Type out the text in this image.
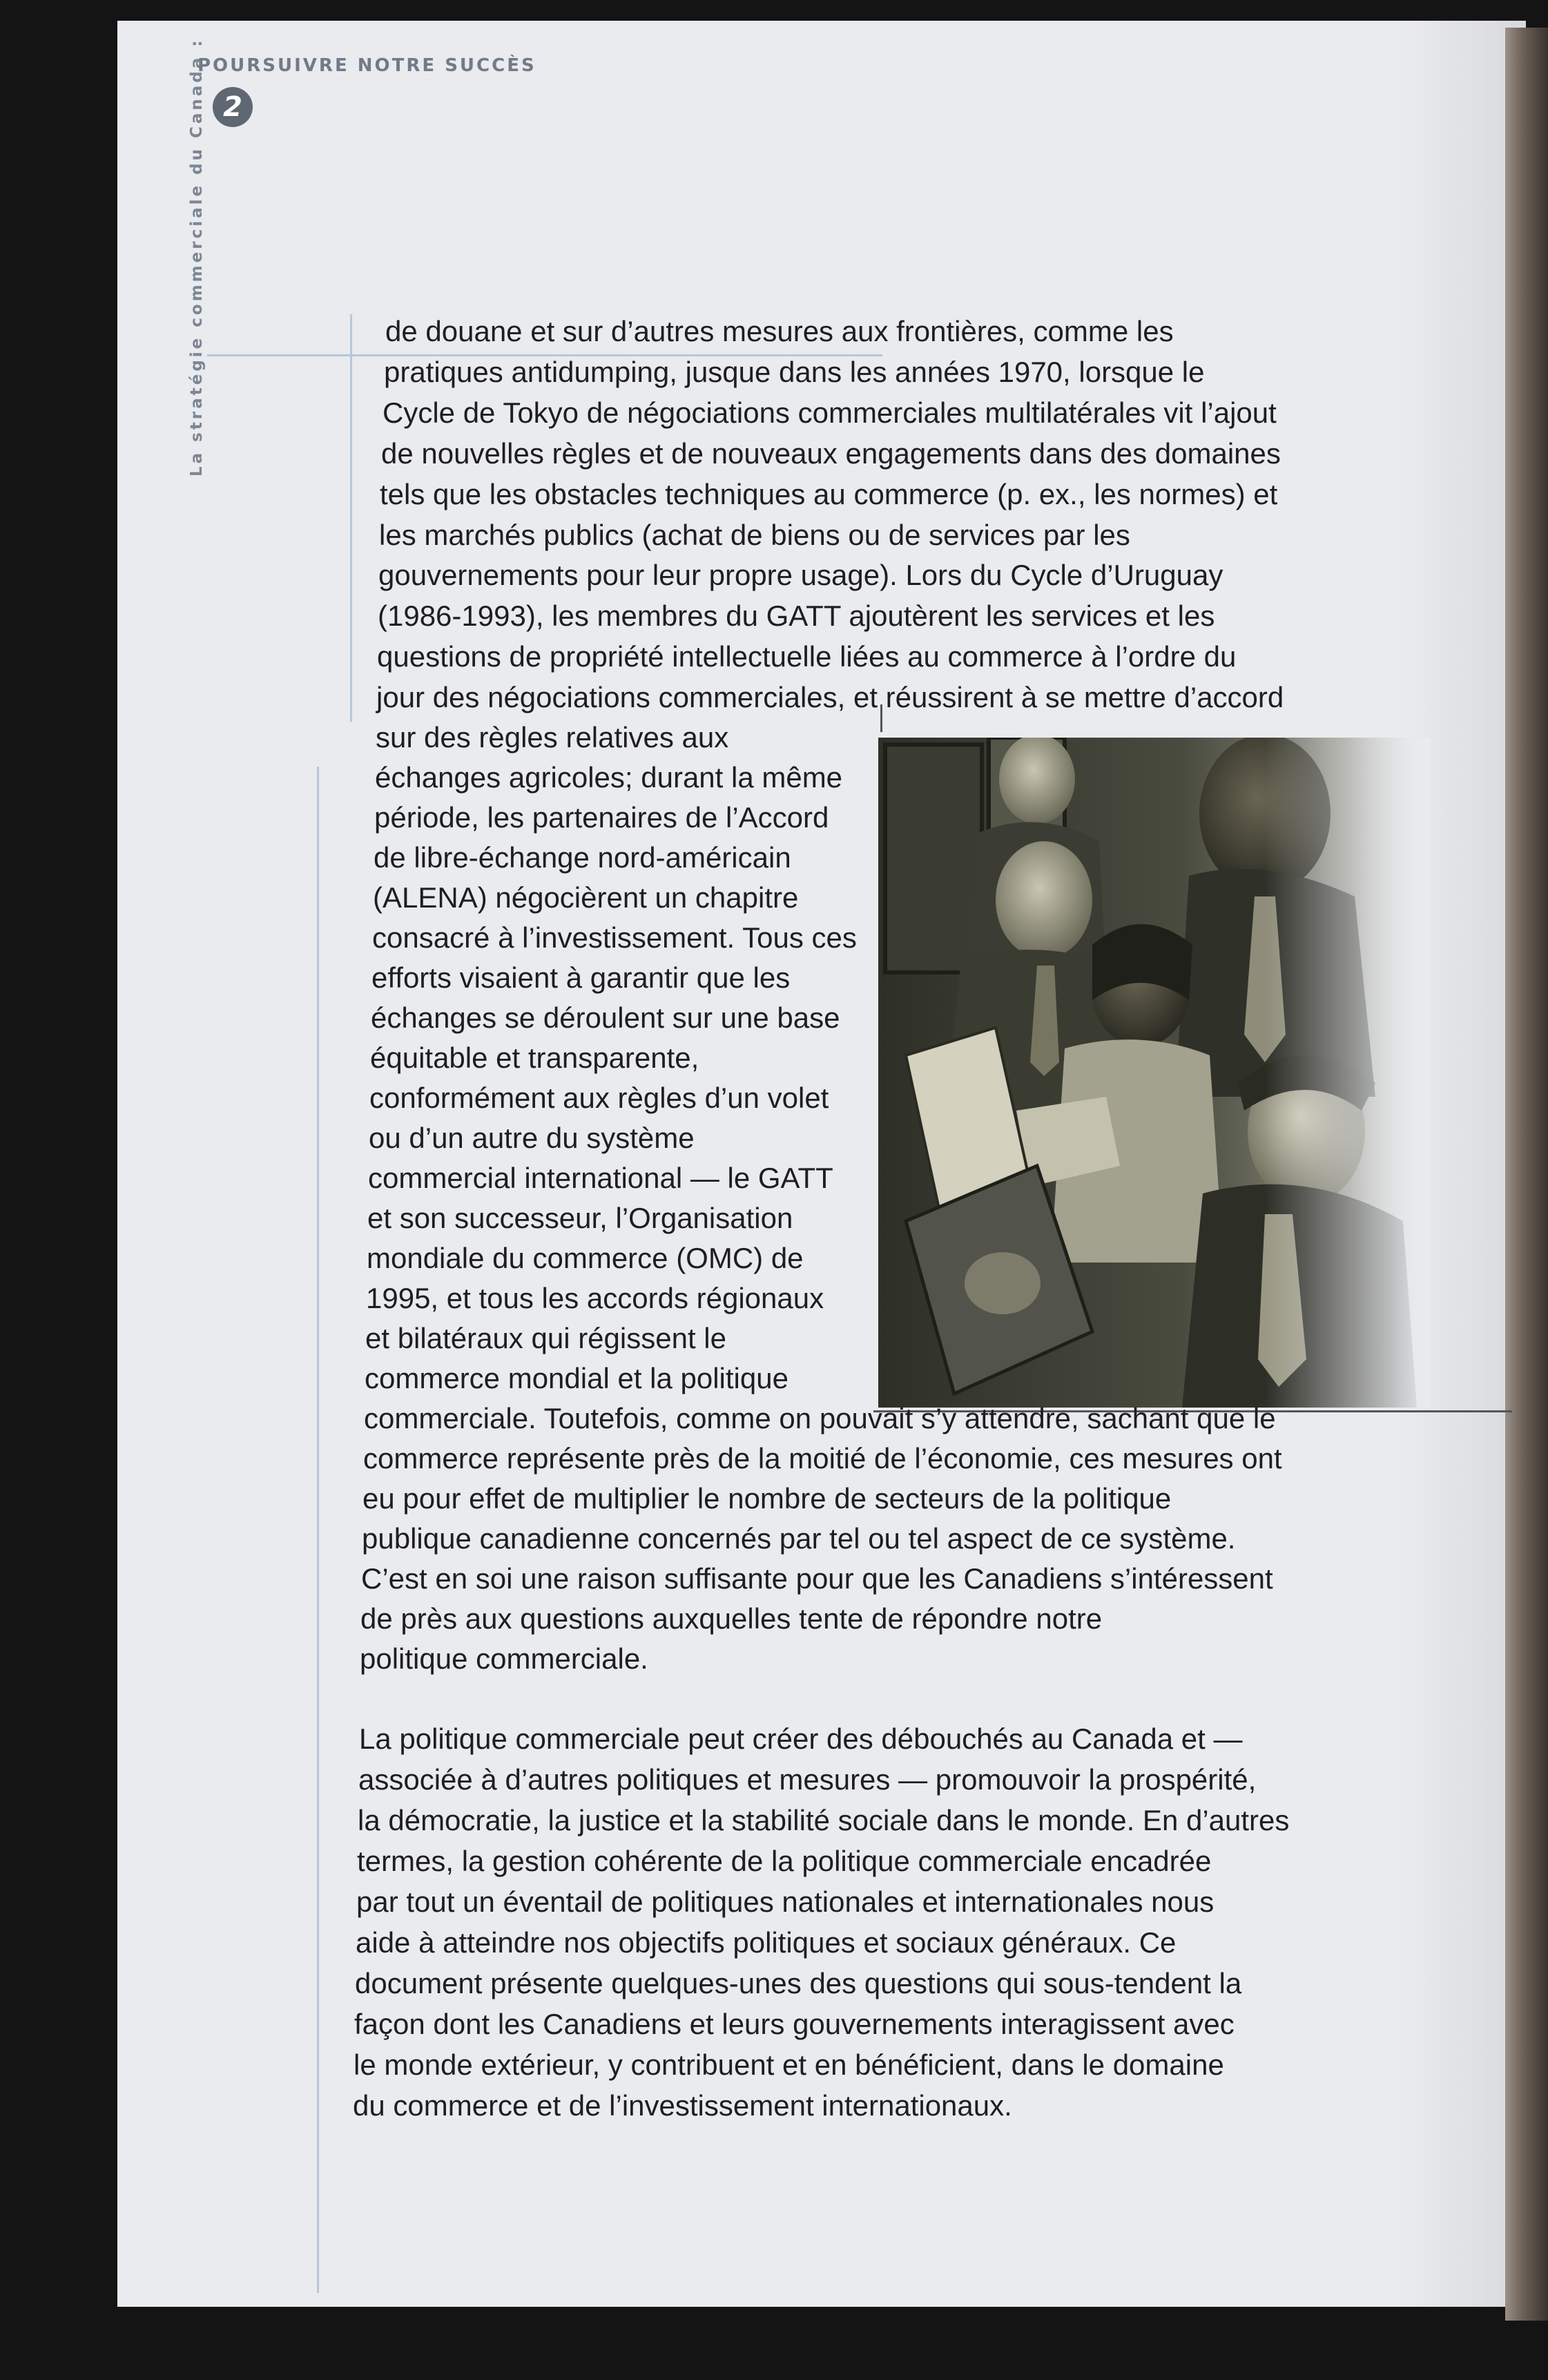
La stratégie commerciale du Canada :
POURSUIVRE NOTRE SUCCÈS
2
de douane et sur d’autres mesures aux frontières, comme les
pratiques antidumping, jusque dans les années 1970, lorsque le
Cycle de Tokyo de négociations commerciales multilatérales vit l’ajout
de nouvelles règles et de nouveaux engagements dans des domaines
tels que les obstacles techniques au commerce (p. ex., les normes) et
les marchés publics (achat de biens ou de services par les
gouvernements pour leur propre usage). Lors du Cycle d’Uruguay
(1986-1993), les membres du GATT ajoutèrent les services et les
questions de propriété intellectuelle liées au commerce à l’ordre du
jour des négociations commerciales, et réussirent à se mettre d’accord
sur des règles relatives aux
échanges agricoles; durant la même
période, les partenaires de l’Accord
de libre-échange nord-américain
(ALENA) négocièrent un chapitre
consacré à l’investissement. Tous ces
efforts visaient à garantir que les
échanges se déroulent sur une base
équitable et transparente,
conformément aux règles d’un volet
ou d’un autre du système
commercial international — le GATT
et son successeur, l’Organisation
mondiale du commerce (OMC) de
1995, et tous les accords régionaux
et bilatéraux qui régissent le
commerce mondial et la politique
commerciale. Toutefois, comme on pouvait s’y attendre, sachant que le
commerce représente près de la moitié de l’économie, ces mesures ont
eu pour effet de multiplier le nombre de secteurs de la politique
publique canadienne concernés par tel ou tel aspect de ce système.
C’est en soi une raison suffisante pour que les Canadiens s’intéressent
de près aux questions auxquelles tente de répondre notre
politique commerciale.
La politique commerciale peut créer des débouchés au Canada et —
associée à d’autres politiques et mesures — promouvoir la prospérité,
la démocratie, la justice et la stabilité sociale dans le monde. En d’autres
termes, la gestion cohérente de la politique commerciale encadrée
par tout un éventail de politiques nationales et internationales nous
aide à atteindre nos objectifs politiques et sociaux généraux. Ce
document présente quelques-unes des questions qui sous-tendent la
façon dont les Canadiens et leurs gouvernements interagissent avec
le monde extérieur, y contribuent et en bénéficient, dans le domaine
du commerce et de l’investissement internationaux.
